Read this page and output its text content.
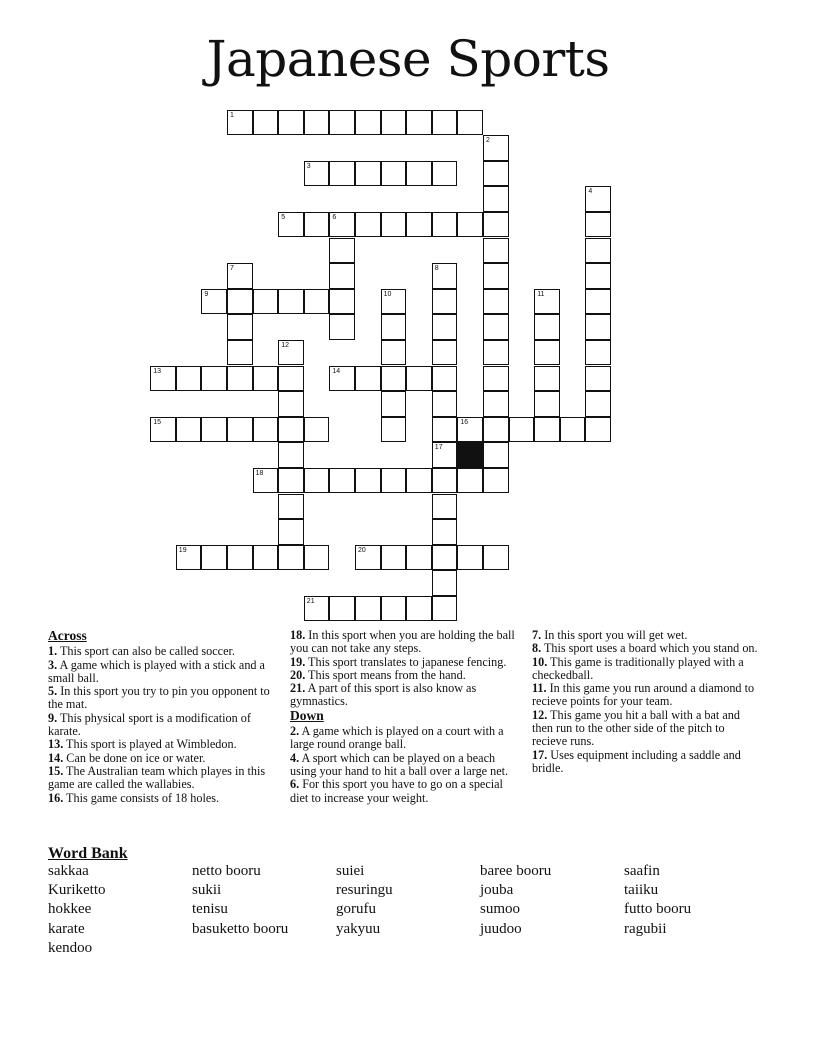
Japanese Sports
1
3
5	6
9
13	14
15	16
18
19	20
21
2
4
7	8
17
10	11
12
Across
1. This sport can also be called soccer.
3. A game which is played with a stick and a small ball.
5. In this sport you try to pin you opponent to the mat.
9. This physical sport is a modification of karate.
13. This sport is played at Wimbledon.
14. Can be done on ice or water.
15. The Australian team which playes in this game are called the wallabies.
16. This game consists of 18 holes.
18. In this sport when you are holding the ball you can not take any steps.
19. This sport translates to japanese fencing.
20. This sport means from the hand.
21. A part of this sport is also know as gymnastics.
Down
2. A game which is played on a court with a large round orange ball.
4. A sport which can be played on a beach using your hand to hit a ball over a large net.
6. For this sport you have to go on a special diet to increase your weight.
7. In this sport you will get wet.
8. This sport uses a board which you stand on.
10. This game is traditionally played with a checkedball.
11. In this game you run around a diamond to recieve points for your team.
12. This game you hit a ball with a bat and then run to the other side of the pitch to recieve runs.
17. Uses equipment including a saddle and bridle.
Word Bank
sakkaa
Kuriketto
hokkee
karate
kendoo
netto booru
sukii
tenisu
basuketto booru
suiei
resuringu
gorufu
yakyuu
baree booru
jouba
sumoo
juudoo
saafin
taiiku
futto booru
ragubii
